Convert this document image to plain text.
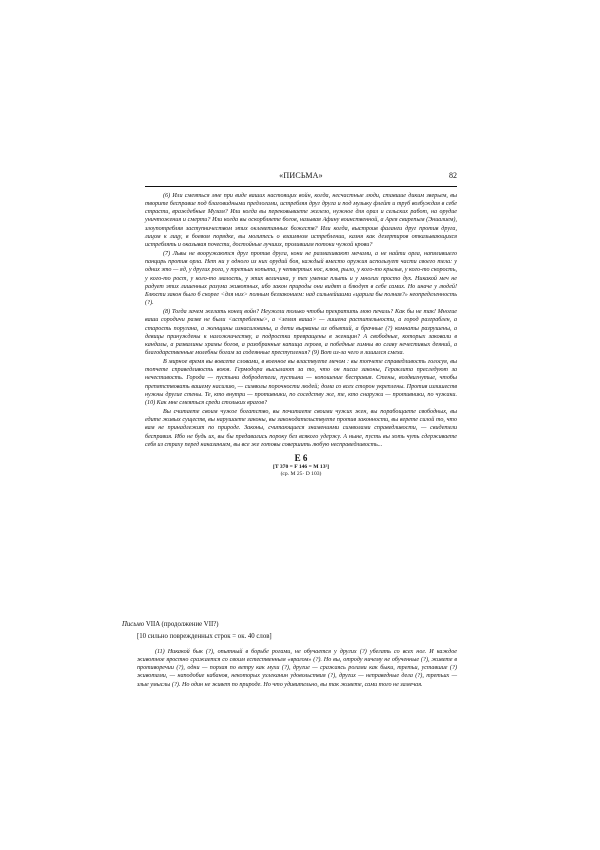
«ПИСЬМА»	82

(6) Или смеяться мне при виде ваших настоящих войн, когда, несчастные люди, ставшие диким зверьем, вы творите бесправие под благовидными предлогами, истребляя друг друга и под музыку флейт и труб возбуждая в себе страсти, враждебные Музам? Или когда вы перековываете железо, нужное для орал и сельских работ, на орудие уничтожения и смерти? Или когда вы оскорбляете богов, называя Афину воинственной, а Арея свирепым (Эниалием), злоупотребляя заступничеством этих оклеветанных божеств? Или когда, выстроив фаланги друг против друга, лицом к лицу, в боевом порядке, вы молитесь о взаимном истреблении, казня как дезертиров отказывающихся истреблять и оказывая почести, достойные лучших, пролившим потоки чужой крови?

(7) Львы не вооружаются друг против друга, кони не размахивают мечами, а не найти орла, напялившего панцирь против орла. Нет ни у одного из них орудий боя, каждый вместо оружия использует части своего тела: у одних это — яд, у других рога, у третьих копыта, у четвертых нос, клюв, рыло, у кого-то крылья, у кого-то скорость, у кого-то рост, у кого-то малость, у этих величина, у тех умение плыть и у многих просто дух. Никакой меч не радует этих лишенных разума животных, ибо закон природы они видят и блюдут в себе самих. Но иначе у людей! Блюсти закон было б скорее <для них> полным беззаконием: над сильнейшими «царила бы полная?» неопределенность (?).

(8) Тогда зачем желать конец войн? Неужели только чтобы прекратить мою печаль? Как бы не так! Многие ваши сородичи разве не были <истреблены>, а <земля ваша> — лишена растительности, а город разграблен, а старость поругана, а женщины изнасилованы, а дети вырваны из объятий, а брачные (?) комнаты разрушены, а девицы принуждены к наложничеству, а подростки превращены в женщин? А свободные, которых заковали в кандалы, а развалины храмы богов, а разобранные капища героев, а победные гимны во славу нечестивых деяний, а благодарственные молебны богам за содеянные преступления? (9) Вот из-за чего я лишился смеха.

В мирное время вы вовсете словами, в военное вы властвуете мечом : вы топчете справедливость голосуя, вы топчете справедливость воюя. Гермодора высылают за то, что он писал законы, Гераклита преследуют за нечестивость. Города — пустыни добродетели, пустыни — копошение бесправия. Стены, воздвигнутые, чтобы препятствовать вашему насилию, — символы порочности людей; дома со всех сторон укреплены. Против излишеств нужны другие стены. Те, кто внутри — противники, по соседству же, те, кто снаружи — противники, по чужаки. (10) Как мне смеяться среди стольких врагов?

Вы считаете своим чужое богатство, вы почитаете своими чужих жен, вы порабощаете свободных, вы едите живых существ, вы нарушаете законы, вы законодательствуете против законности, вы верете силой то, что вам не принадлежит по природе. Законы, считающиеся знамениями символами справедливости, — свидетели бесправия. Ибо не будь их, вы бы предавались пороку без всякого удержу. А ныне, пусть вы хоть чуть сдерживаете себя из страху перед наказанием, вы все же готовы совершить любую несправедливость...

E 6
[T 370 = F 146 = M 13²]
(ср. M 25· D 103)
Письмо VIIA (продолжение VII?)
[10 сильно поврежденных строк = ок. 40 слов]

(11) Никакой бык (?), опытный в борьбе рогами, не обучается у других (?) убегать со всех ног. И каждое животное яростно сражается со своим естественным «врагом» (?). Но вы, отроду ничему не обученные (?), живете в противоречии (?), одни — порхая по ветру как мухи (?), другие — сражаясь рогами как быки, третьи, уставшие (?) животами, — наподобие кабанов, некоторых ухлеканин удовольствия (?), других — неправедные дела (?), третьих — злые умыслы (?). Но один не живет по природе. Но что удивительно, вы так живете, сами того не замечая.
